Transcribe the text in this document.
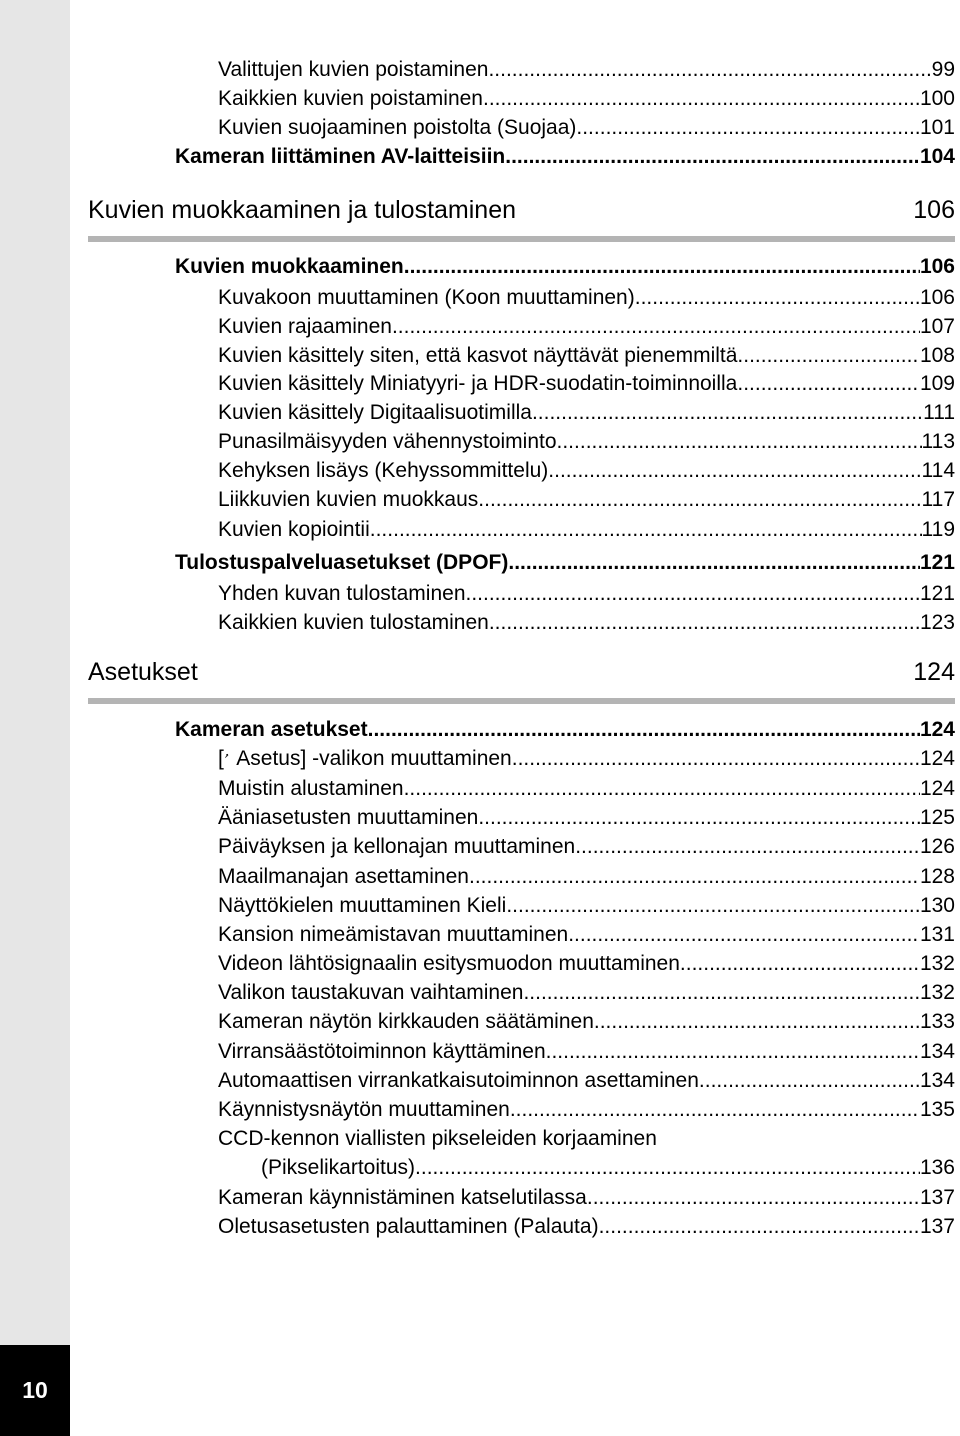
10
Valittujen kuvien poistaminen .....	99
Kaikkien kuvien poistaminen .....	100
Kuvien suojaaminen poistolta (Suojaa) .....	101
Kameran liittäminen AV-laitteisiin .....	104
Kuvien muokkaaminen ja tulostaminen	106
Kuvien muokkaaminen .....	106
Kuvakoon muuttaminen (Koon muuttaminen) .....	106
Kuvien rajaaminen .....	107
Kuvien käsittely siten, että kasvot näyttävät pienemmiltä .....	108
Kuvien käsittely Miniatyyri- ja HDR-suodatin-toiminnoilla .....	109
Kuvien käsittely Digitaalisuotimilla .....	111
Punasilmäisyyden vähennystoiminto .....	113
Kehyksen lisäys (Kehyssommittelu) .....	114
Liikkuvien kuvien muokkaus .....	117
Kuvien kopiointii .....	119
Tulostuspalveluasetukset (DPOF) .....	121
Yhden kuvan tulostaminen .....	121
Kaikkien kuvien tulostaminen .....	123
Asetukset	124
Kameran asetukset .....	124
[ Asetus] -valikon muuttaminen .....	124
Muistin alustaminen .....	124
Ääniasetusten muuttaminen .....	125
Päiväyksen ja kellonajan muuttaminen .....	126
Maailmanajan asettaminen .....	128
Näyttökielen muuttaminen Kieli .....	130
Kansion nimeämistavan muuttaminen .....	131
Videon lähtösignaalin esitysmuodon muuttaminen .....	132
Valikon taustakuvan vaihtaminen .....	132
Kameran näytön kirkkauden säätäminen .....	133
Virransäästötoiminnon käyttäminen .....	134
Automaattisen virrankatkaisutoiminnon asettaminen .....	134
Käynnistysnäytön muuttaminen .....	135
CCD-kennon viallisten pikseleiden korjaaminen
(Pikselikartoitus) .....	136
Kameran käynnistäminen katselutilassa .....	137
Oletusasetusten palauttaminen (Palauta) .....	137
